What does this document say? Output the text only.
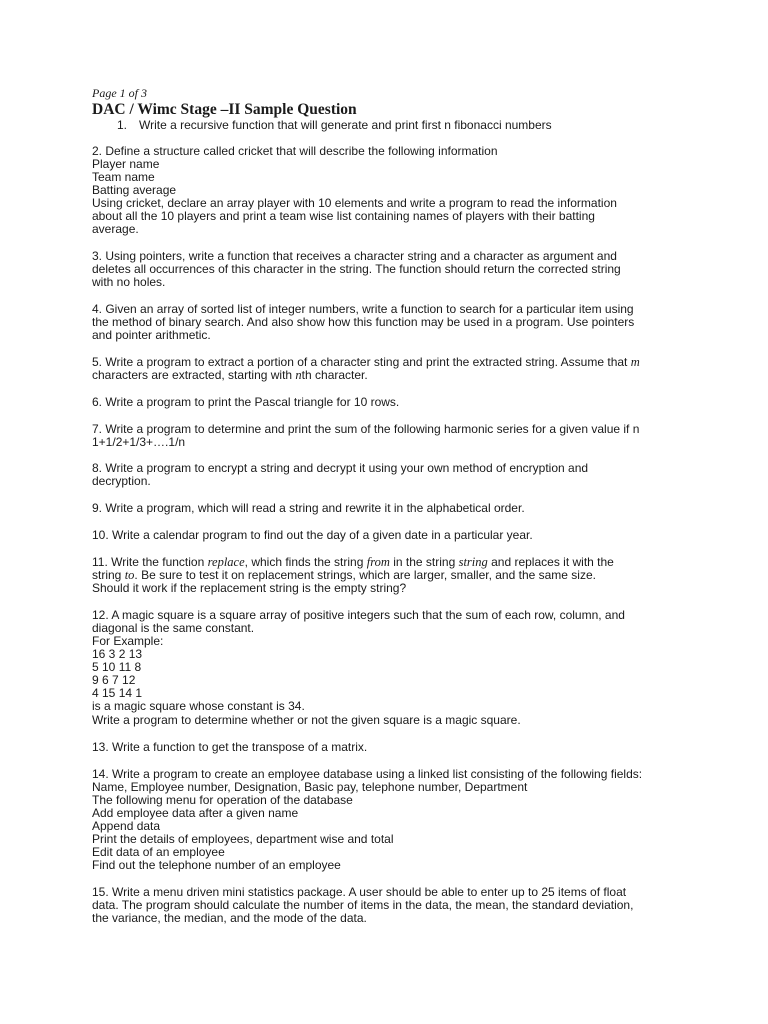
Page 1 of 3
DAC / Wimc Stage –II Sample Question
1. Write a recursive function that will generate and print first n fibonacci numbers
2. Define a structure called cricket that will describe the following information
Player name
Team name
Batting average
Using cricket, declare an array player with 10 elements and write a program to read the information
about all the 10 players and print a team wise list containing names of players with their batting
average.
3. Using pointers, write a function that receives a character string and a character as argument and
deletes all occurrences of this character in the string. The function should return the corrected string
with no holes.
4. Given an array of sorted list of integer numbers, write a function to search for a particular item using
the method of binary search. And also show how this function may be used in a program. Use pointers
and pointer arithmetic.
5. Write a program to extract a portion of a character sting and print the extracted string. Assume that m
characters are extracted, starting with nth character.
6. Write a program to print the Pascal triangle for 10 rows.
7. Write a program to determine and print the sum of the following harmonic series for a given value if n
1+1/2+1/3+….1/n
8. Write a program to encrypt a string and decrypt it using your own method of encryption and
decryption.
9. Write a program, which will read a string and rewrite it in the alphabetical order.
10. Write a calendar program to find out the day of a given date in a particular year.
11. Write the function replace, which finds the string from in the string string and replaces it with the
string to. Be sure to test it on replacement strings, which are larger, smaller, and the same size.
Should it work if the replacement string is the empty string?
12. A magic square is a square array of positive integers such that the sum of each row, column, and
diagonal is the same constant.
For Example:
16 3 2 13
5 10 11 8
9 6 7 12
4 15 14 1
is a magic square whose constant is 34.
Write a program to determine whether or not the given square is a magic square.
13. Write a function to get the transpose of a matrix.
14. Write a program to create an employee database using a linked list consisting of the following fields:
Name, Employee number, Designation, Basic pay, telephone number, Department
The following menu for operation of the database
Add employee data after a given name
Append data
Print the details of employees, department wise and total
Edit data of an employee
Find out the telephone number of an employee
15. Write a menu driven mini statistics package. A user should be able to enter up to 25 items of float
data. The program should calculate the number of items in the data, the mean, the standard deviation,
the variance, the median, and the mode of the data.
